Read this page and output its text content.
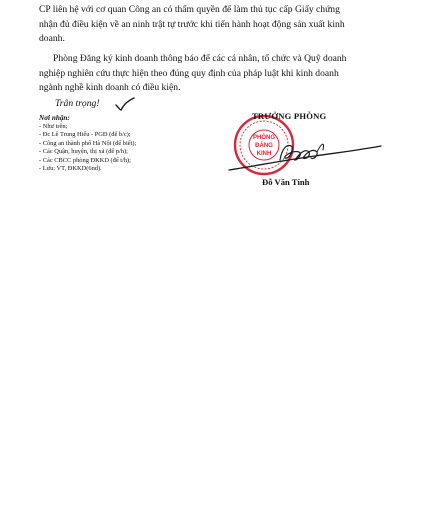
CP liên hệ với cơ quan Công an có thẩm quyền để làm thủ tục cấp Giấy chứng
nhận đủ điều kiện về an ninh trật tự trước khi tiến hành hoạt động sản xuất kinh
doanh.
Phòng Đăng ký kinh doanh thông báo để các cá nhân, tổ chức và Quỹ doanh
nghiệp nghiên cứu thực hiện theo đúng quy định của pháp luật khi kinh doanh
ngành nghề kinh doanh có điều kiện.
Trân trọng!
Nơi nhận:
- Như trên;
- Đc Lê Trung Hiếu - PGĐ (để b/c);
- Công an thành phố Hà Nội (để biết);
- Các Quận, huyện, thị xã (để p/h);
- Các CBCC phòng ĐKKD (để t/h);
- Lưu: VT, ĐKKD(6nd).
PHÒNG
ĐĂNG
KINH
TRƯỞNG PHÒNG
Đỗ Văn Tính
